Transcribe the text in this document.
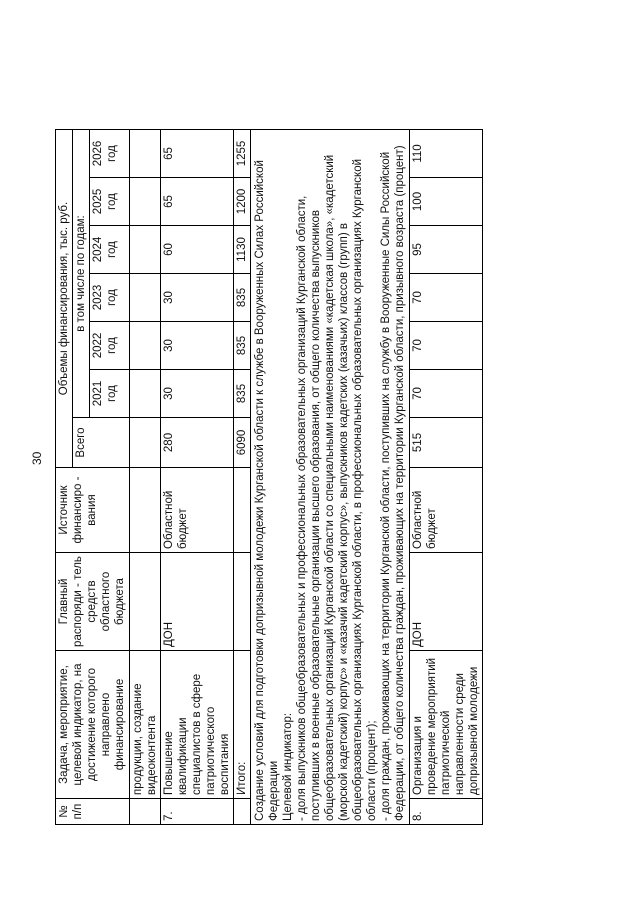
30
№ п/п	Задача, мероприятие, целевой индикатор, на достижение которого направлено финансирование	Главный распоряди - тель средств областного бюджета	Источник финансиро - вания	Объемы финансирования, тыс. руб.						
				Всего	в том числе по годам:					
					2021 год	2022 год	2023 год	2024 год	2025 год	2026 год
	продукции, создание видеоконтента									
7.	Повышение квалификации специалистов в сфере патриотического воспитания	ДОН	Областной бюджет	280	30	30	30	60	65	65
	Итого:			6090	835	835	835	1130	1200	1255

Создание условий для подготовки допризывной молодежи Курганской области к службе в Вооруженных Силах Российской Федерации Целевой индикатор: - доля выпускников общеобразовательных и профессиональных образовательных организаций Курганской области, поступивших в военные образовательные организации высшего образования, от общего количества выпускников общеобразовательных организаций Курганской области со специальными наименованиями «кадетская школа», «кадетский (морской кадетский) корпус» и «казачий кадетский корпус», выпускников кадетских (казачьих) классов (групп) в общеобразовательных организациях Курганской области, в профессиональных образовательных организациях Курганской области (процент); - доля граждан, проживающих на территории Курганской области, поступивших на службу в Вооруженные Силы Российской Федерации, от общего количества граждан, проживающих на территории Курганской области, призывного возраста (процент)										

8.	Организация и проведение мероприятий патриотической направленности среди допризывной молодежи	ДОН	Областной бюджет	515	70	70	70	95	100	110
